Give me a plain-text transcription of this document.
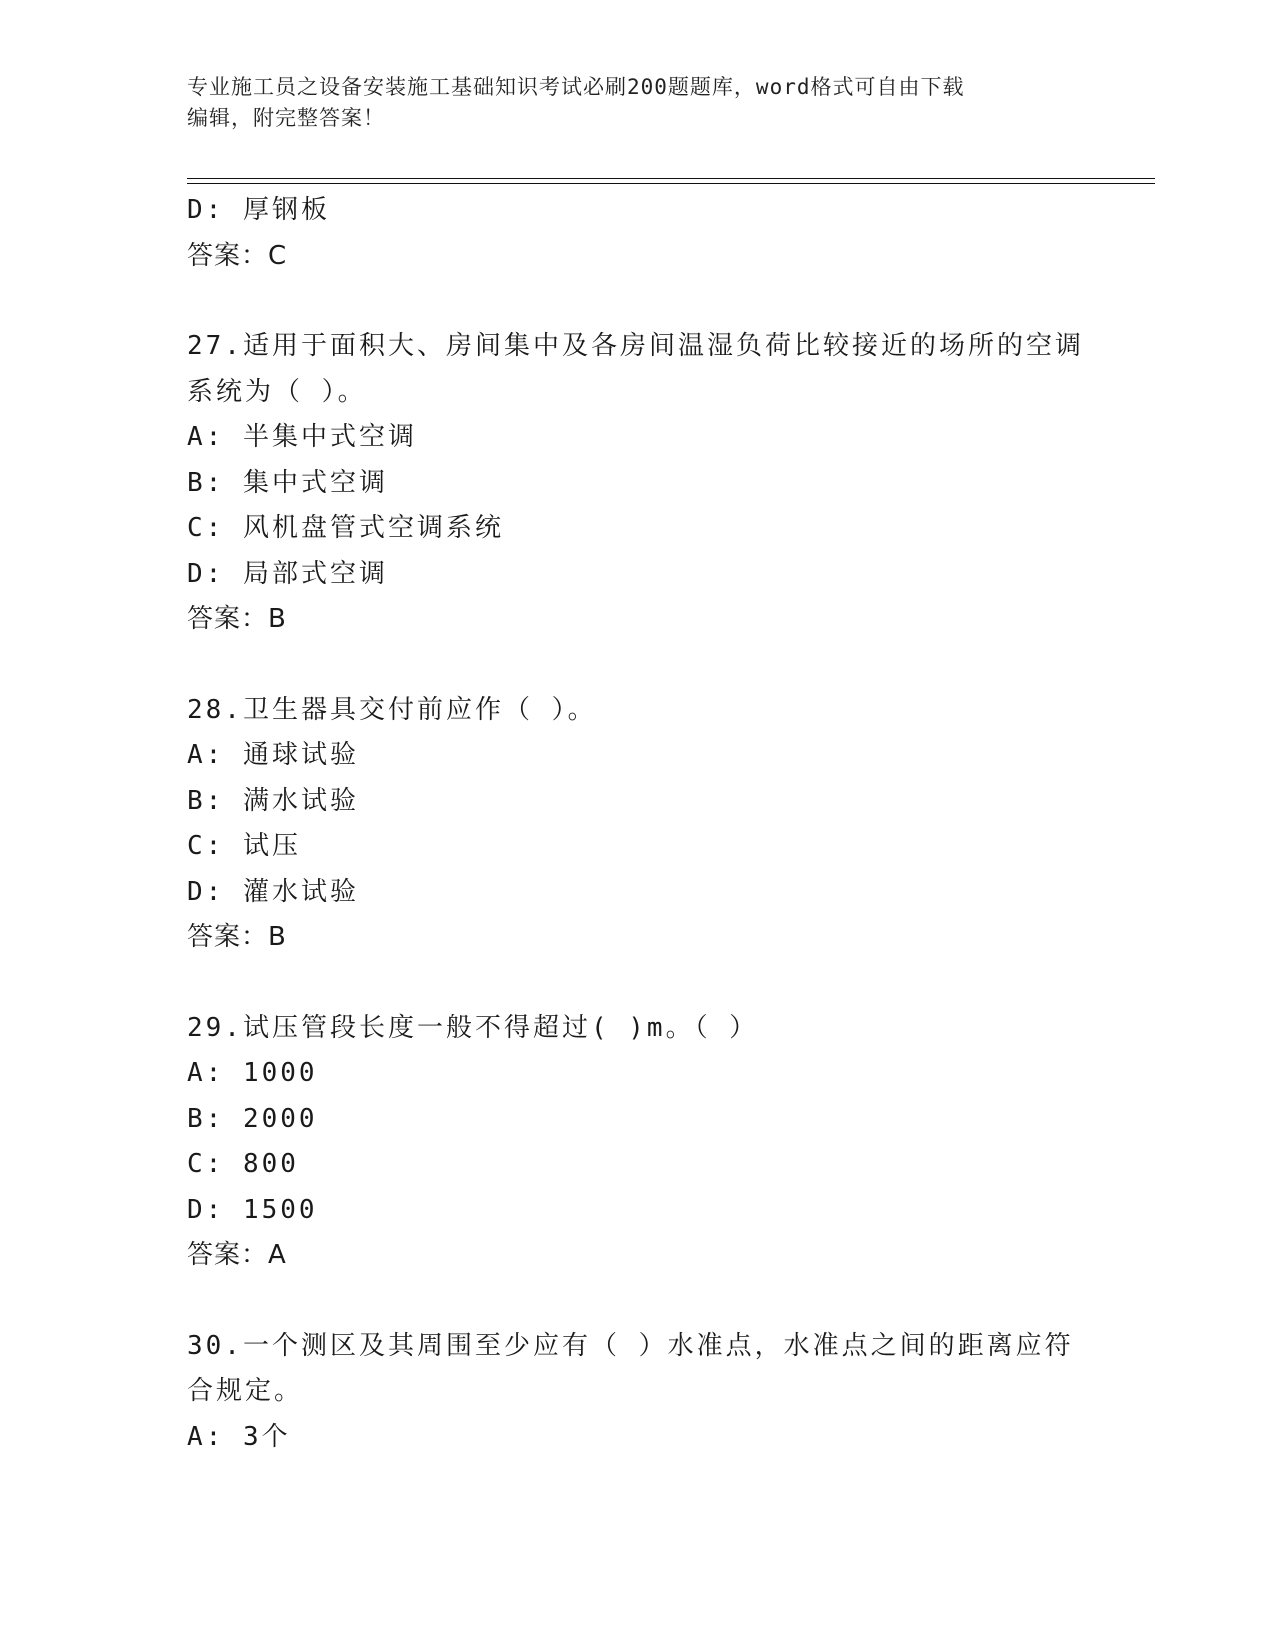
专业施工员之设备安装施工基础知识考试必刷200题题库，word格式可自由下载
编辑，附完整答案！
D: 厚钢板
答案：C
27.适用于面积大、房间集中及各房间温湿负荷比较接近的场所的空调
系统为（ ）。
A: 半集中式空调
B: 集中式空调
C: 风机盘管式空调系统
D: 局部式空调
答案：B
28.卫生器具交付前应作（ ）。
A: 通球试验
B: 满水试验
C: 试压
D: 灌水试验
答案：B
29.试压管段长度一般不得超过( )m。（ ）
A: 1000
B: 2000
C: 800
D: 1500
答案：A
30.一个测区及其周围至少应有（ ）水准点，水准点之间的距离应符
合规定。
A: 3个
